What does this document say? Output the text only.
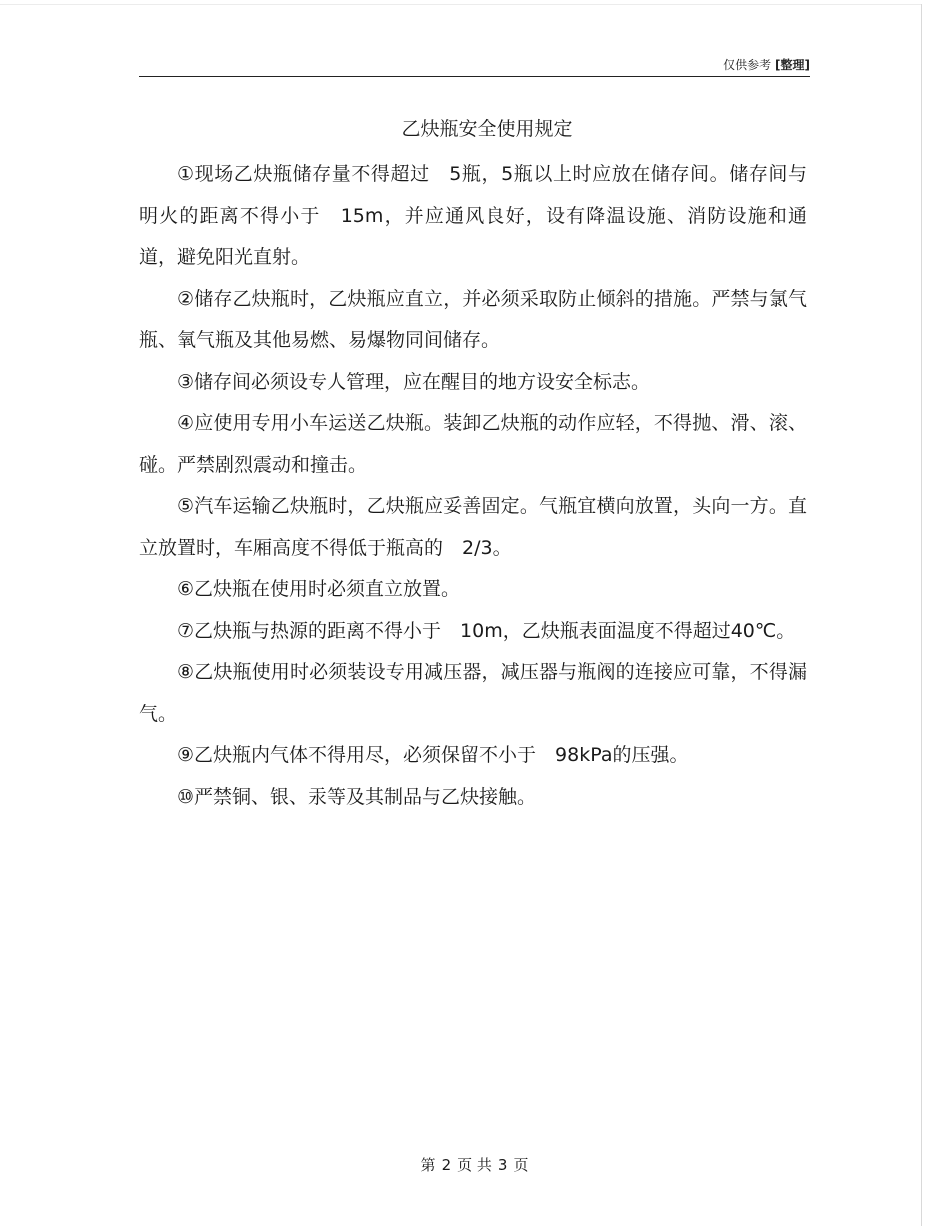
仅供参考 [整理]
乙炔瓶安全使用规定

①现场乙炔瓶储存量不得超过　5瓶，5瓶以上时应放在储存间。储存间与明火的距离不得小于　15m，并应通风良好，设有降温设施、消防设施和通道，避免阳光直射。

②储存乙炔瓶时，乙炔瓶应直立，并必须采取防止倾斜的措施。严禁与氯气瓶、氧气瓶及其他易燃、易爆物同间储存。

③储存间必须设专人管理，应在醒目的地方设安全标志。

④应使用专用小车运送乙炔瓶。装卸乙炔瓶的动作应轻，不得抛、滑、滚、碰。严禁剧烈震动和撞击。

⑤汽车运输乙炔瓶时，乙炔瓶应妥善固定。气瓶宜横向放置，头向一方。直立放置时，车厢高度不得低于瓶高的　2/3。

⑥乙炔瓶在使用时必须直立放置。

⑦乙炔瓶与热源的距离不得小于　10m，乙炔瓶表面温度不得超过40℃。

⑧乙炔瓶使用时必须装设专用减压器，减压器与瓶阀的连接应可靠，不得漏气。

⑨乙炔瓶内气体不得用尽，必须保留不小于　98kPa的压强。

⑩严禁铜、银、汞等及其制品与乙炔接触。

第 2 页 共 3 页
